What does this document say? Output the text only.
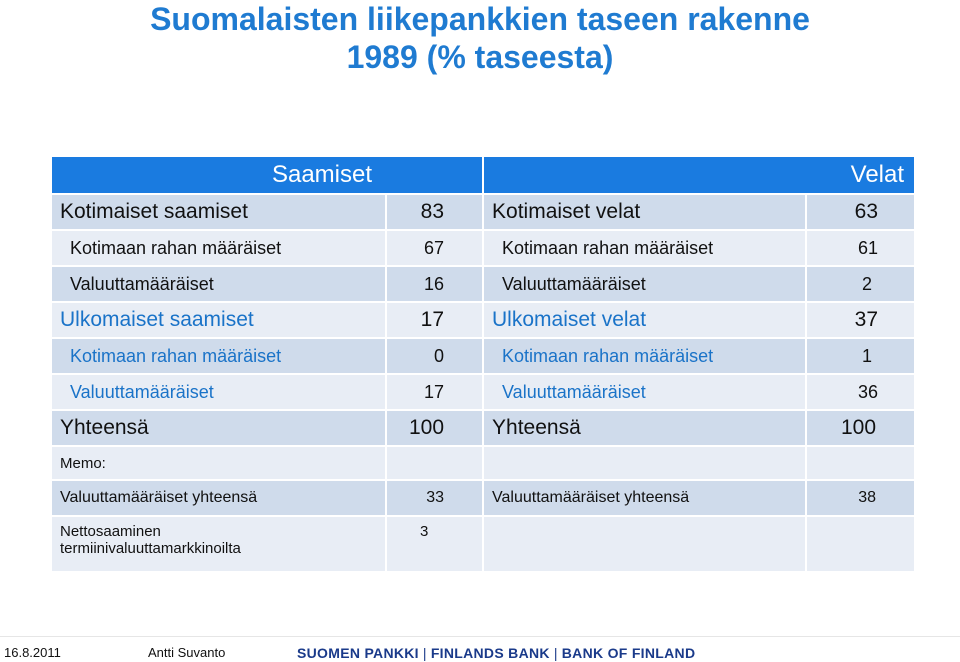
Suomalaisten liikepankkien taseen rakenne
1989 (% taseesta)
Saamiset		Velat	
Kotimaiset saamiset	83	Kotimaiset velat	63
Kotimaan rahan määräiset	67	Kotimaan rahan määräiset	61
Valuuttamääräiset	16	Valuuttamääräiset	2
Ulkomaiset saamiset	17	Ulkomaiset velat	37
Kotimaan rahan määräiset	0	Kotimaan rahan määräiset	1
Valuuttamääräiset	17	Valuuttamääräiset	36
Yhteensä	100	Yhteensä	100
Memo:			
Valuuttamääräiset yhteensä	33	Valuuttamääräiset yhteensä	38

Nettosaaminen
termiinivaluuttamarkkinoilta	3		

16.8.2011	Antti Suvanto	SUOMEN PANKKI | FINLANDS BANK | BANK OF FINLAND
